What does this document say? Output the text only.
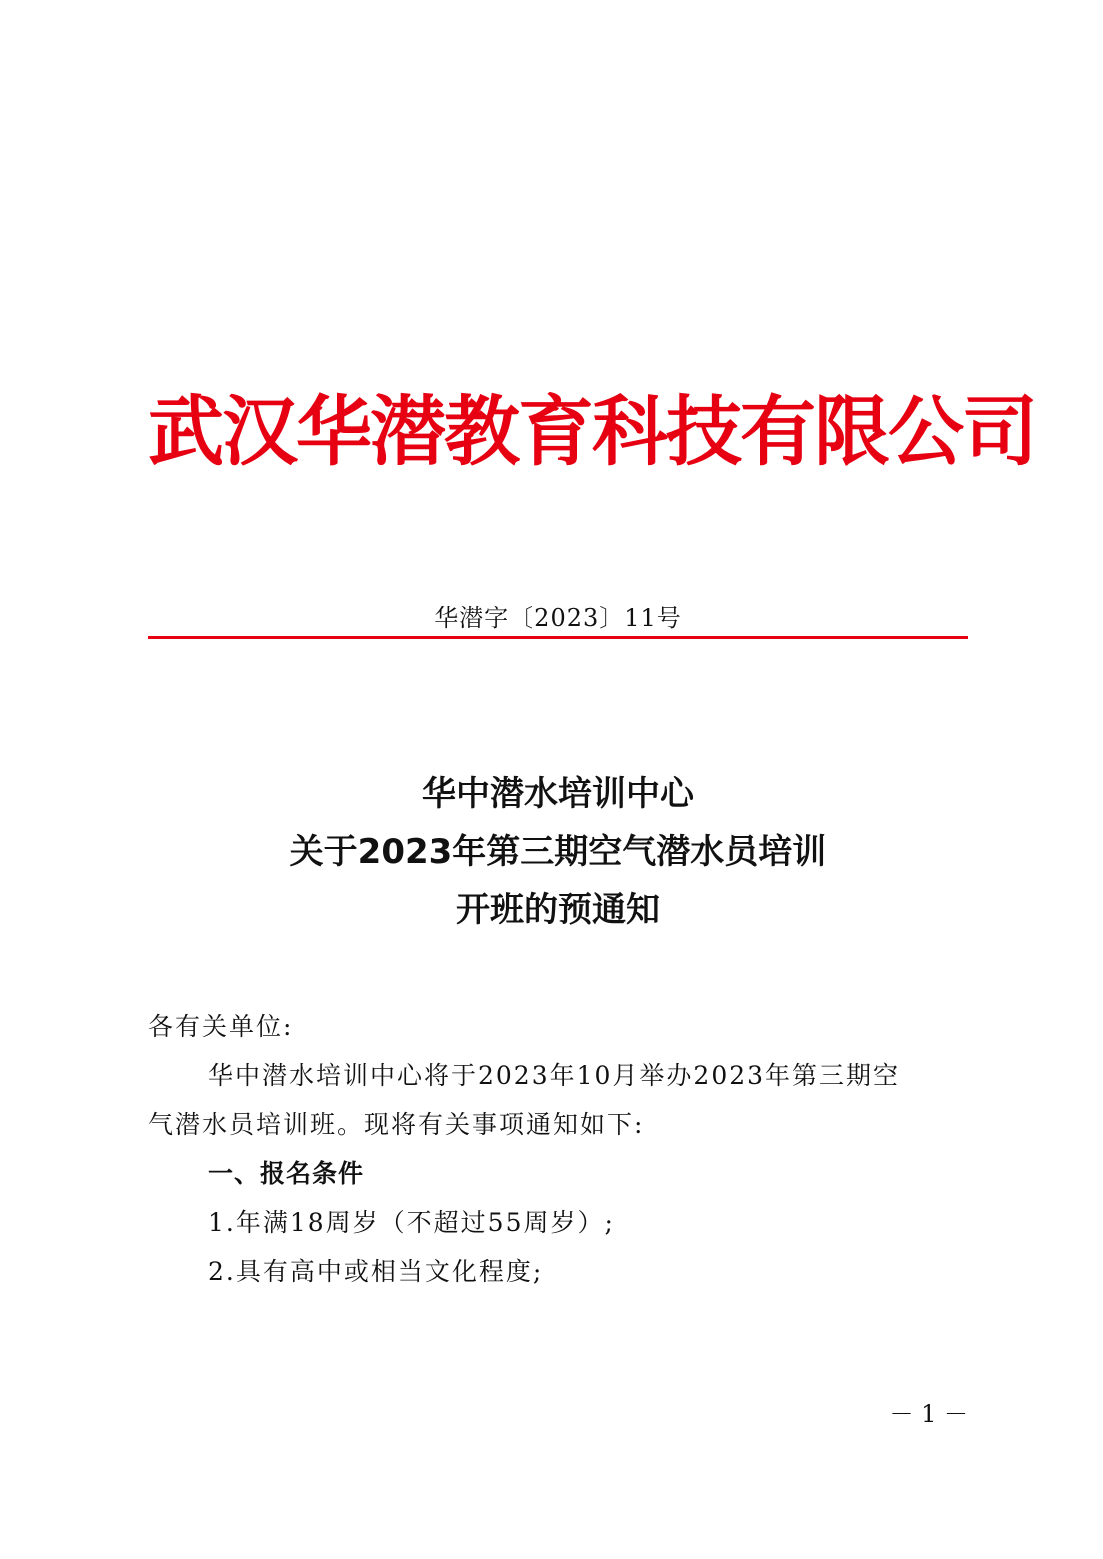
武汉华潜教育科技有限公司
华潜字〔2023〕11号
华中潜水培训中心
关于2023年第三期空气潜水员培训
开班的预通知

各有关单位:

华中潜水培训中心将于2023年10月举办2023年第三期空

气潜水员培训班。现将有关事项通知如下:

一、报名条件

1.年满18周岁（不超过55周岁）;

2.具有高中或相当文化程度;

－ 1 －
